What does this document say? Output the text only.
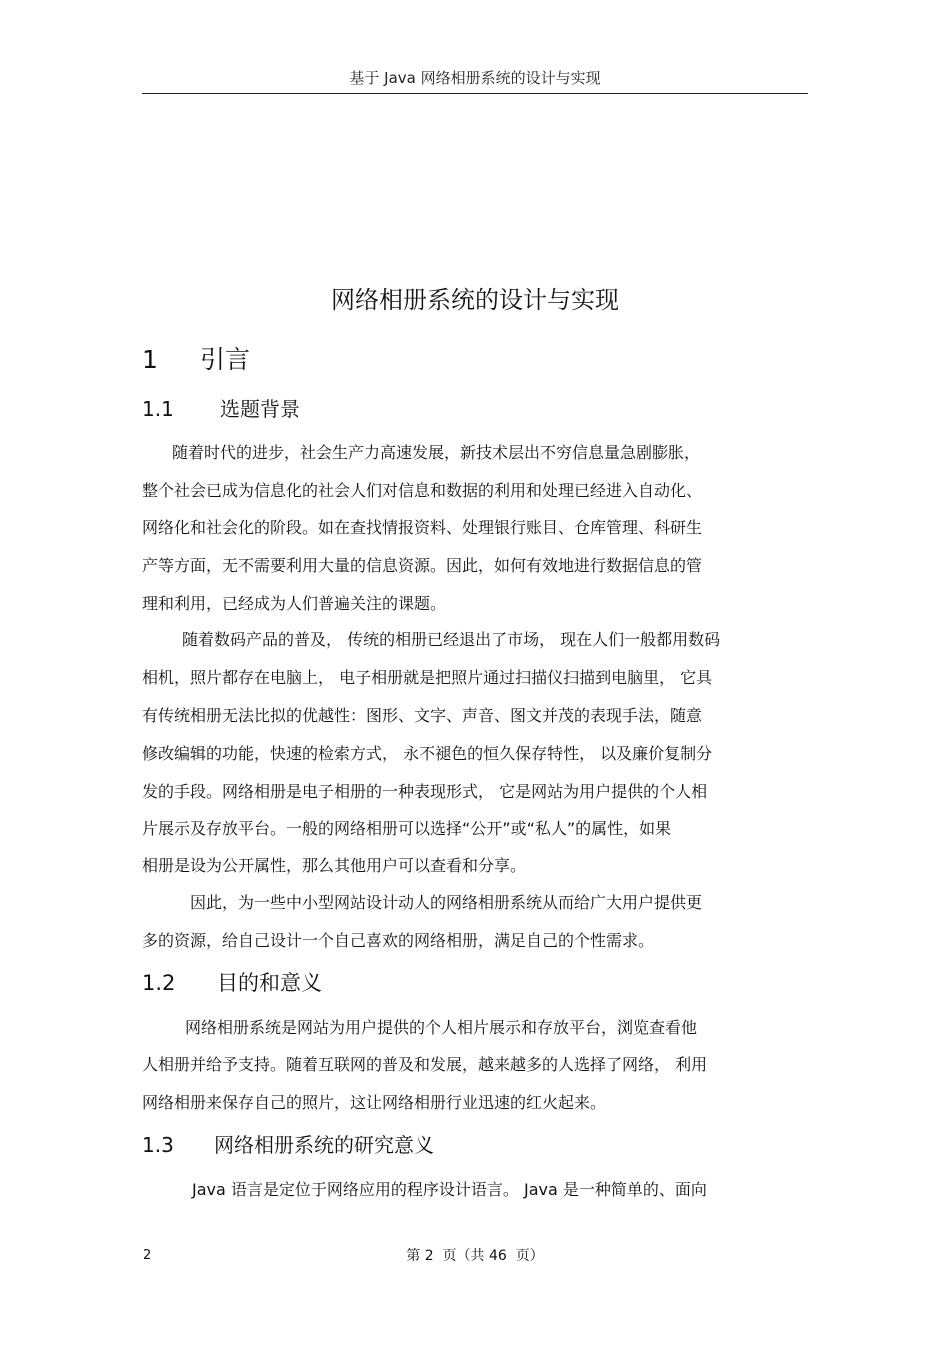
基于 Java 网络相册系统的设计与实现
网络相册系统的设计与实现
1 引言
1.1 选题背景

随着时代的进步，社会生产力高速发展，新技术层出不穷信息量急剧膨胀，

整个社会已成为信息化的社会人们对信息和数据的利用和处理已经进入自动化、

网络化和社会化的阶段。如在查找情报资料、处理银行账目、仓库管理、科研生

产等方面，无不需要利用大量的信息资源。因此，如何有效地进行数据信息的管

理和利用，已经成为人们普遍关注的课题。

随着数码产品的普及， 传统的相册已经退出了市场， 现在人们一般都用数码

相机，照片都存在电脑上， 电子相册就是把照片通过扫描仪扫描到电脑里， 它具

有传统相册无法比拟的优越性：图形、文字、声音、图文并茂的表现手法，随意

修改编辑的功能，快速的检索方式， 永不褪色的恒久保存特性， 以及廉价复制分

发的手段。网络相册是电子相册的一种表现形式， 它是网站为用户提供的个人相

片展示及存放平台。一般的网络相册可以选择“公开”或“私人”的属性，如果

相册是设为公开属性，那么其他用户可以查看和分享。

因此，为一些中小型网站设计动人的网络相册系统从而给广大用户提供更

多的资源，给自己设计一个自己喜欢的网络相册，满足自己的个性需求。

1.2 目的和意义

网络相册系统是网站为用户提供的个人相片展示和存放平台，浏览查看他

人相册并给予支持。随着互联网的普及和发展，越来越多的人选择了网络， 利用

网络相册来保存自己的照片，这让网络相册行业迅速的红火起来。

1.3 网络相册系统的研究意义

Java 语言是定位于网络应用的程序设计语言。 Java 是一种简单的、面向

2	第 2  页（共 46  页）
